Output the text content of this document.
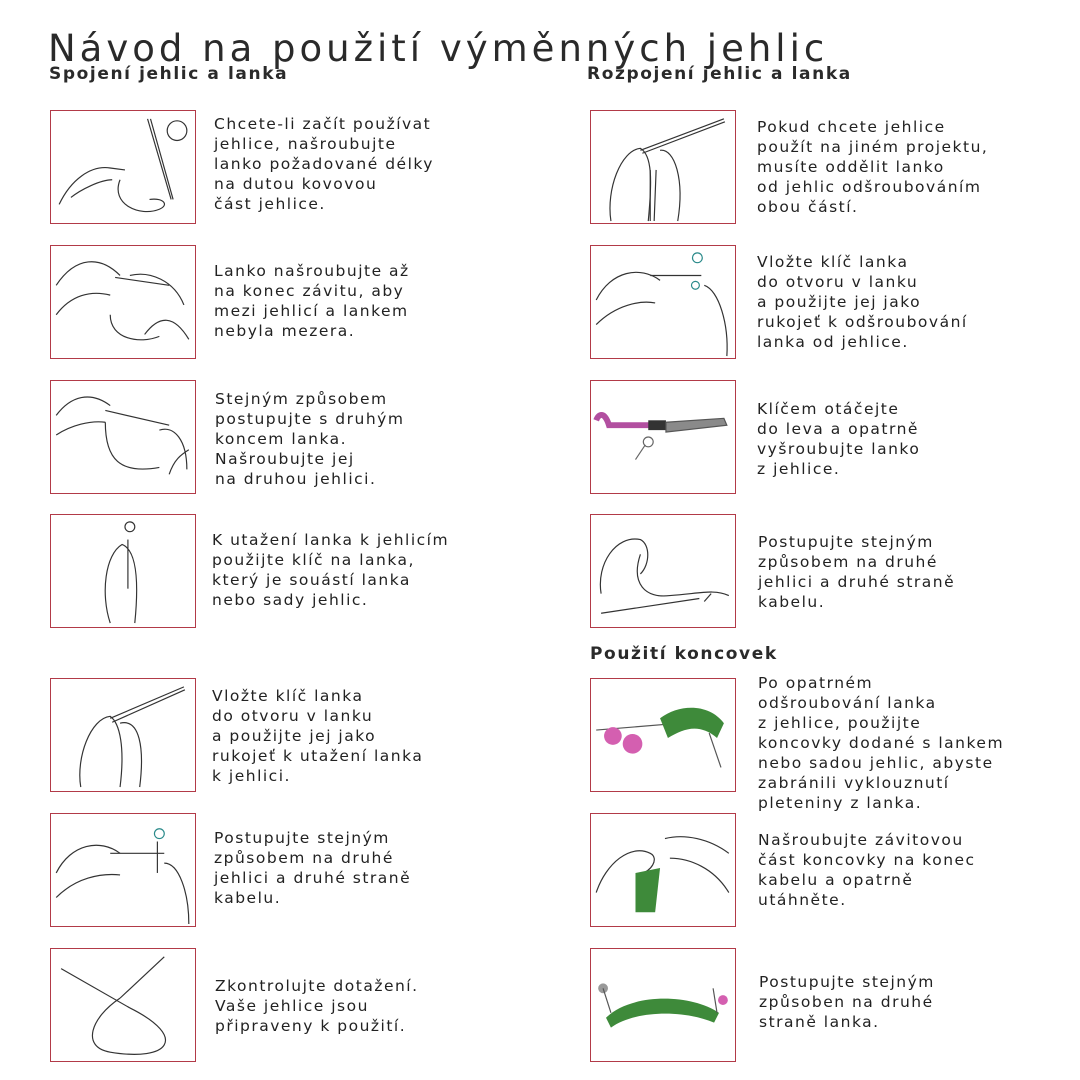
Návod na použití výměnných jehlic
Spojení jehlic a lanka	Rozpojení jehlic a lanka
Použití koncovek
Chcete-li začít používat
jehlice, našroubujte
lanko požadované délky
na dutou kovovou
část jehlice.
Lanko našroubujte až
na konec závitu, aby
mezi jehlicí a lankem
nebyla mezera.
Stejným způsobem
postupujte s druhým
koncem lanka.
Našroubujte jej
na druhou jehlici.
K utažení lanka k jehlicím
použijte klíč na lanka,
který je souástí lanka
nebo sady jehlic.
Vložte klíč lanka
do otvoru v lanku
a použijte jej jako
rukojeť k utažení lanka
k jehlici.
Postupujte stejným
způsobem na druhé
jehlici a druhé straně
kabelu.
Zkontrolujte dotažení.
Vaše jehlice jsou
připraveny k použití.
Pokud chcete jehlice
použít na jiném projektu,
musíte oddělit lanko
od jehlic odšroubováním
obou částí.
Vložte klíč lanka
do otvoru v lanku
a použijte jej jako
rukojeť k odšroubování
lanka od jehlice.
Klíčem otáčejte
do leva a opatrně
vyšroubujte lanko
z jehlice.
Postupujte stejným
způsobem na druhé
jehlici a druhé straně
kabelu.
Po opatrném
odšroubování lanka
z jehlice, použijte
koncovky dodané s lankem
nebo sadou jehlic, abyste
zabránili vyklouznutí
pleteniny z lanka.
Našroubujte závitovou
část koncovky na konec
kabelu a opatrně
utáhněte.
Postupujte stejným
způsoben na druhé
straně lanka.
